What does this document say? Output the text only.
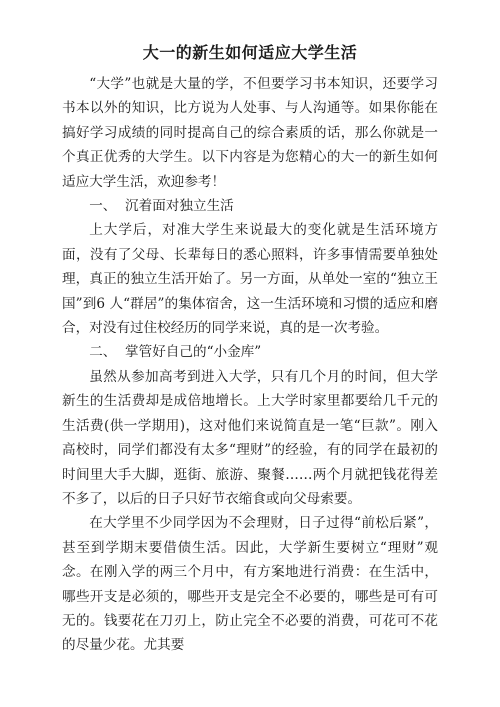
大一的新生如何适应大学生活

“大学”也就是大量的学，不但要学习书本知识，还要学习书本以外的知识，比方说为人处事、与人沟通等。如果你能在搞好学习成绩的同时提高自己的综合素质的话，那么你就是一个真正优秀的大学生。以下内容是为您精心的大一的新生如何适应大学生活，欢迎参考！

一、  沉着面对独立生活

上大学后，对准大学生来说最大的变化就是生活环境方面，没有了父母、长辈每日的悉心照料，许多事情需要单独处理，真正的独立生活开始了。另一方面，从单处一室的“独立王国”到6 人“群居”的集体宿舍，这一生活环境和习惯的适应和磨合，对没有过住校经历的同学来说，真的是一次考验。

二、  掌管好自己的“小金库”

虽然从参加高考到进入大学，只有几个月的时间，但大学新生的生活费却是成倍地增长。上大学时家里都要给几千元的生活费(供一学期用)，这对他们来说简直是一笔“巨款”。刚入高校时，同学们都没有太多“理财”的经验，有的同学在最初的时间里大手大脚，逛街、旅游、聚餐……两个月就把钱花得差不多了，以后的日子只好节衣缩食或向父母索要。

在大学里不少同学因为不会理财，日子过得“前松后紧”，甚至到学期末要借债生活。因此，大学新生要树立“理财”观念。在刚入学的两三个月中，有方案地进行消费：在生活中，哪些开支是必须的，哪些开支是完全不必要的，哪些是可有可无的。钱要花在刀刃上，防止完全不必要的消费，可花可不花的尽量少花。尤其要
